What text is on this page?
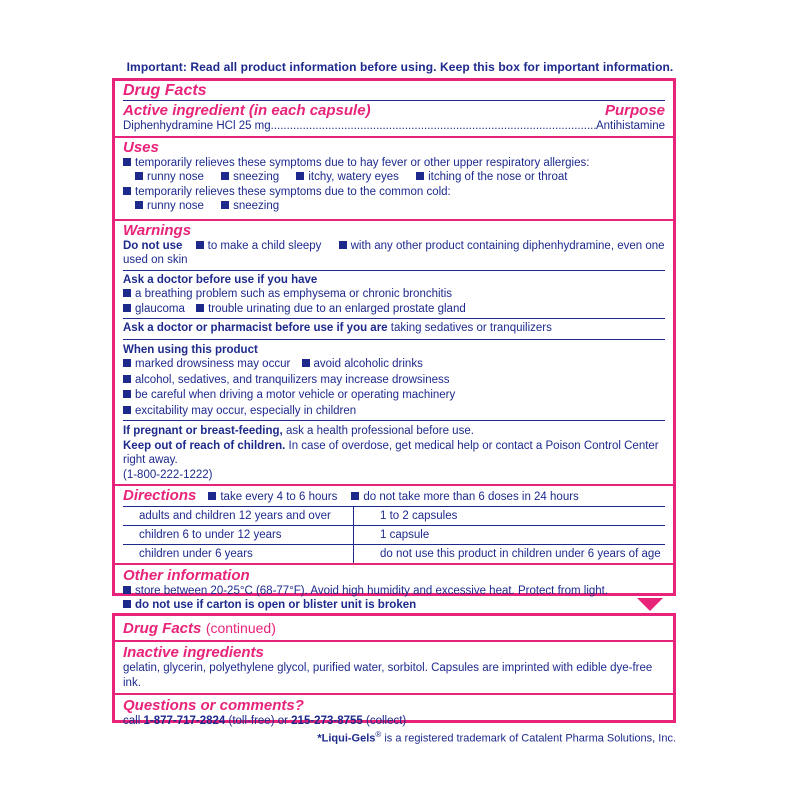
Important: Read all product information before using. Keep this box for important information.
Drug Facts
Active ingredient (in each capsule)	Purpose
Diphenhydramine HCl 25 mg .....	Antihistamine
Uses
temporarily relieves these symptoms due to hay fever or other upper respiratory allergies:
runny nose	sneezing	itchy, watery eyes	itching of the nose or throat
temporarily relieves these symptoms due to the common cold:
runny nose	sneezing
Warnings
Do not use to make a child sleepy	with any other product containing diphenhydramine, even one used on skin
Ask a doctor before use if you have
a breathing problem such as emphysema or chronic bronchitis
glaucoma trouble urinating due to an enlarged prostate gland
Ask a doctor or pharmacist before use if you are taking sedatives or tranquilizers
When using this product
marked drowsiness may occur avoid alcoholic drinks
alcohol, sedatives, and tranquilizers may increase drowsiness
be careful when driving a motor vehicle or operating machinery
excitability may occur, especially in children
If pregnant or breast-feeding, ask a health professional before use.
Keep out of reach of children. In case of overdose, get medical help or contact a Poison Control Center right away.
(1-800-222-1222)
Directions	take every 4 to 6 hours	do not take more than 6 doses in 24 hours
adults and children 12 years and over	1 to 2 capsules
children 6 to under 12 years	1 capsule
children under 6 years	do not use this product in children under 6 years of age
Other information
store between 20-25°C (68-77°F). Avoid high humidity and excessive heat. Protect from light.
do not use if carton is open or blister unit is broken
Drug Facts (continued)
Inactive ingredients
gelatin, glycerin, polyethylene glycol, purified water, sorbitol. Capsules are imprinted with edible dye-free ink.
Questions or comments?
call 1-877-717-2824 (toll-free) or 215-273-8755 (collect)
*Liqui-Gels® is a registered trademark of Catalent Pharma Solutions, Inc.
